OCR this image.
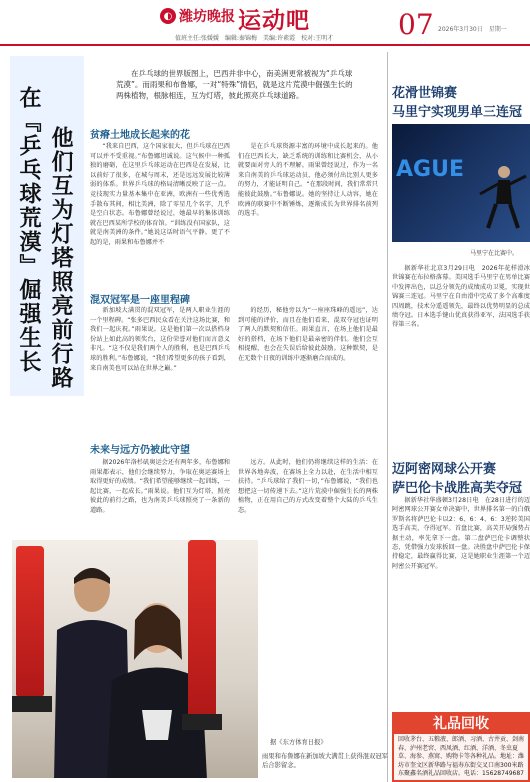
◐ 潍坊晚报 运动吧
值班主任:张媛媛　编辑:秦锦梅　美编:许素霞　校对:王明才 07 2026年3月30日　星期一
在『乒乓球荒漠』倔强生长 他们互为灯塔照亮前行路
在乒乓球的世界版图上，巴西并非中心，南美洲更常被视为“乒乓球荒漠”。而雨果和布鲁娜，一对“特殊”情侣，就是这片荒漠中倔强生长的两株植物，根脉相连，互为灯塔，彼此照亮乒乓球道路。
贫瘠土地成长起来的花
混双冠军是一座里程碑
未来与远方仍被此守望

“我来自巴西，这个国家很大，但乒乓球在巴西可以并不受重视。”布鲁娜坦诚说。这气候中一种孤独的磨砺，在这里乒乓球运动在巴西是在发展，比以前好了很多，在城与周末，还是远远发展比较薄弱的体系。世界乒乓球的格局清晰反映了这一点。竞技现实力量基本集中在亚洲，欧洲有一些优秀选手散布其间，相比美洲，除了零星几个名字，几乎是空白状态。布鲁娜曾经说过，她最早的集体训练就在巴西某所学校的体育馆。“训练没有国家队，这就是南美洲的条件。”她说这话时语气平静。更了不起的是，雨果和布鲁娜并不

是在乒乓球资源丰富的环境中成长起来的。他们在巴西长大，缺乏系统的训练和比赛机会，从小就要面对旁人的不理解。雨果曾经说过，作为一名来自南美的乒乓球运动员，他必须付出比别人更多的努力，才能证明自己。“在那段时间，我们常常只能彼此鼓励。”布鲁娜说。她的坚持让人动容，她在欧洲的联赛中不断锤炼，逐渐成长为世界排名前列的选手。

新加坡大满贯的混双冠军，是两人职业生涯的一个里程碑。“张多巴西民众看在关注这场比赛，和我们一起庆祝。”雨果说。这是他们第一次以搭档身份站上如此高的领奖台，这份荣誉对他们而言意义非凡。“这不仅是我们两个人的胜利，也是巴西乒乓球的胜利。”布鲁娜说，“我们希望更多的孩子看到，来自南美也可以站在世界之巅。”

的经历，秘他旁以为“一座座珠峰的遥远”，达到可能的评价，而且在他们看来，混双夺冠也证明了两人的默契和信任。雨果直言，在场上他们是最好的搭档，在场下他们是最亲密的伴侣。他们会互相提醒，也会在失误后给彼此鼓励。这种默契，是在无数个日夜的训练中逐渐磨合而成的。

据2026年洛杉矶奥运会还有两年多，布鲁娜和雨果都表示，他们会继续努力，争取在奥运赛场上取得更好的成绩。“我们希望能够继续一起训练，一起比赛，一起成长。”雨果说。他们互为灯塔，照亮彼此的前行之路，也为南美乒乓球照亮了一条新的道路。

远方。从此时，他们仍将继续这样的生活：在世界各地奔波，在赛场上全力以赴，在生活中相互扶持。“乒乓球给了我们一切，”布鲁娜说，“我们也想把这一切传递下去。”这片荒漠中倔强生长的两株植物，正在用自己的方式改变着整个大陆的乒乓生态。

据《东方体育日报》
雨果和布鲁娜在新加坡大满贯上获得混双冠军后合影留念。
花滑世锦赛
马里宁实现男单三连冠
AGUE
马里宁在比赛中。

据新华社北京3月29日电　2026年花样滑冰世锦赛在布拉格落幕。美国选手马里宁在男单比赛中发挥出色，以总分领先的成绩成功卫冕，实现世锦赛三连冠。马里宁在自由滑中完成了多个高难度四周跳，技术分遥遥领先，最终以优势明显的总成绩夺冠。日本选手键山优真获得亚军，法国选手获得第三名。

迈阿密网球公开赛
萨巴伦卡战胜高芙夺冠

据新华社华盛顿3月28日电　在28日进行的迈阿密网球公开赛女单决赛中，世界排名第一的白俄罗斯名将萨巴伦卡以2：6、6：4、6：3逆转美国选手高芙，夺得冠军。首盘比赛，高芙开局强势占据主动，率先拿下一盘。第二盘萨巴伦卡调整状态，凭借强力发球扳回一盘。决胜盘中萨巴伦卡保持稳定，最终赢得比赛，这是她职业生涯第一个迈阿密公开赛冠军。

礼品回收
回收茅台、五粮液、郎酒、习酒、古井贡、剑南春、泸州老窖、西凤酒、红酒、洋酒、冬虫夏草、海参、燕窝、购物卡等各种礼品。地址：潍坊市奎文区新华路与福寿东街交叉口南300米路东聚鑫名酒礼品回收店。电话：15628749687
